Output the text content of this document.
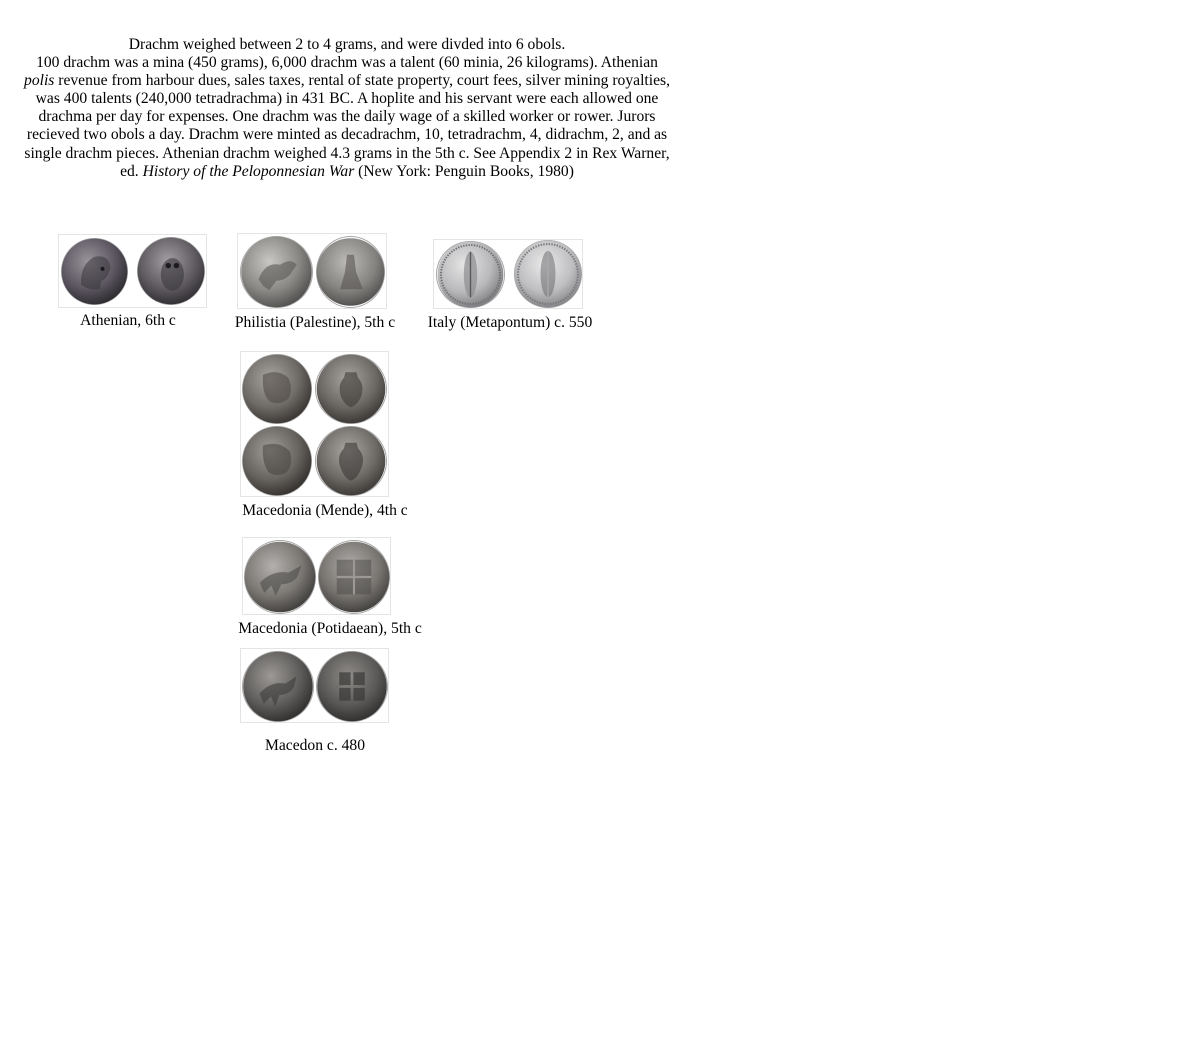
Drachm weighed between 2 to 4 grams, and were divded into 6 obols.

100 drachm was a mina (450 grams), 6,000 drachm was a talent (60 minia, 26 kilograms). Athenian polis revenue from harbour dues, sales taxes, rental of state property, court fees, silver mining royalties, was 400 talents (240,000 tetradrachma) in 431 BC. A hoplite and his servant were each allowed one drachma per day for expenses. One drachm was the daily wage of a skilled worker or rower. Jurors recieved two obols a day. Drachm were minted as decadrachm, 10, tetradrachm, 4, didrachm, 2, and as single drachm pieces. Athenian drachm weighed 4.3 grams in the 5th c. See Appendix 2 in Rex Warner, ed. History of the Peloponnesian War (New York: Penguin Books, 1980)

Athenian, 6th c	Philistia (Palestine), 5th c	Italy (Metapontum) c. 550
Macedonia (Mende), 4th c
Macedonia (Potidaean), 5th c
Macedon c. 480
